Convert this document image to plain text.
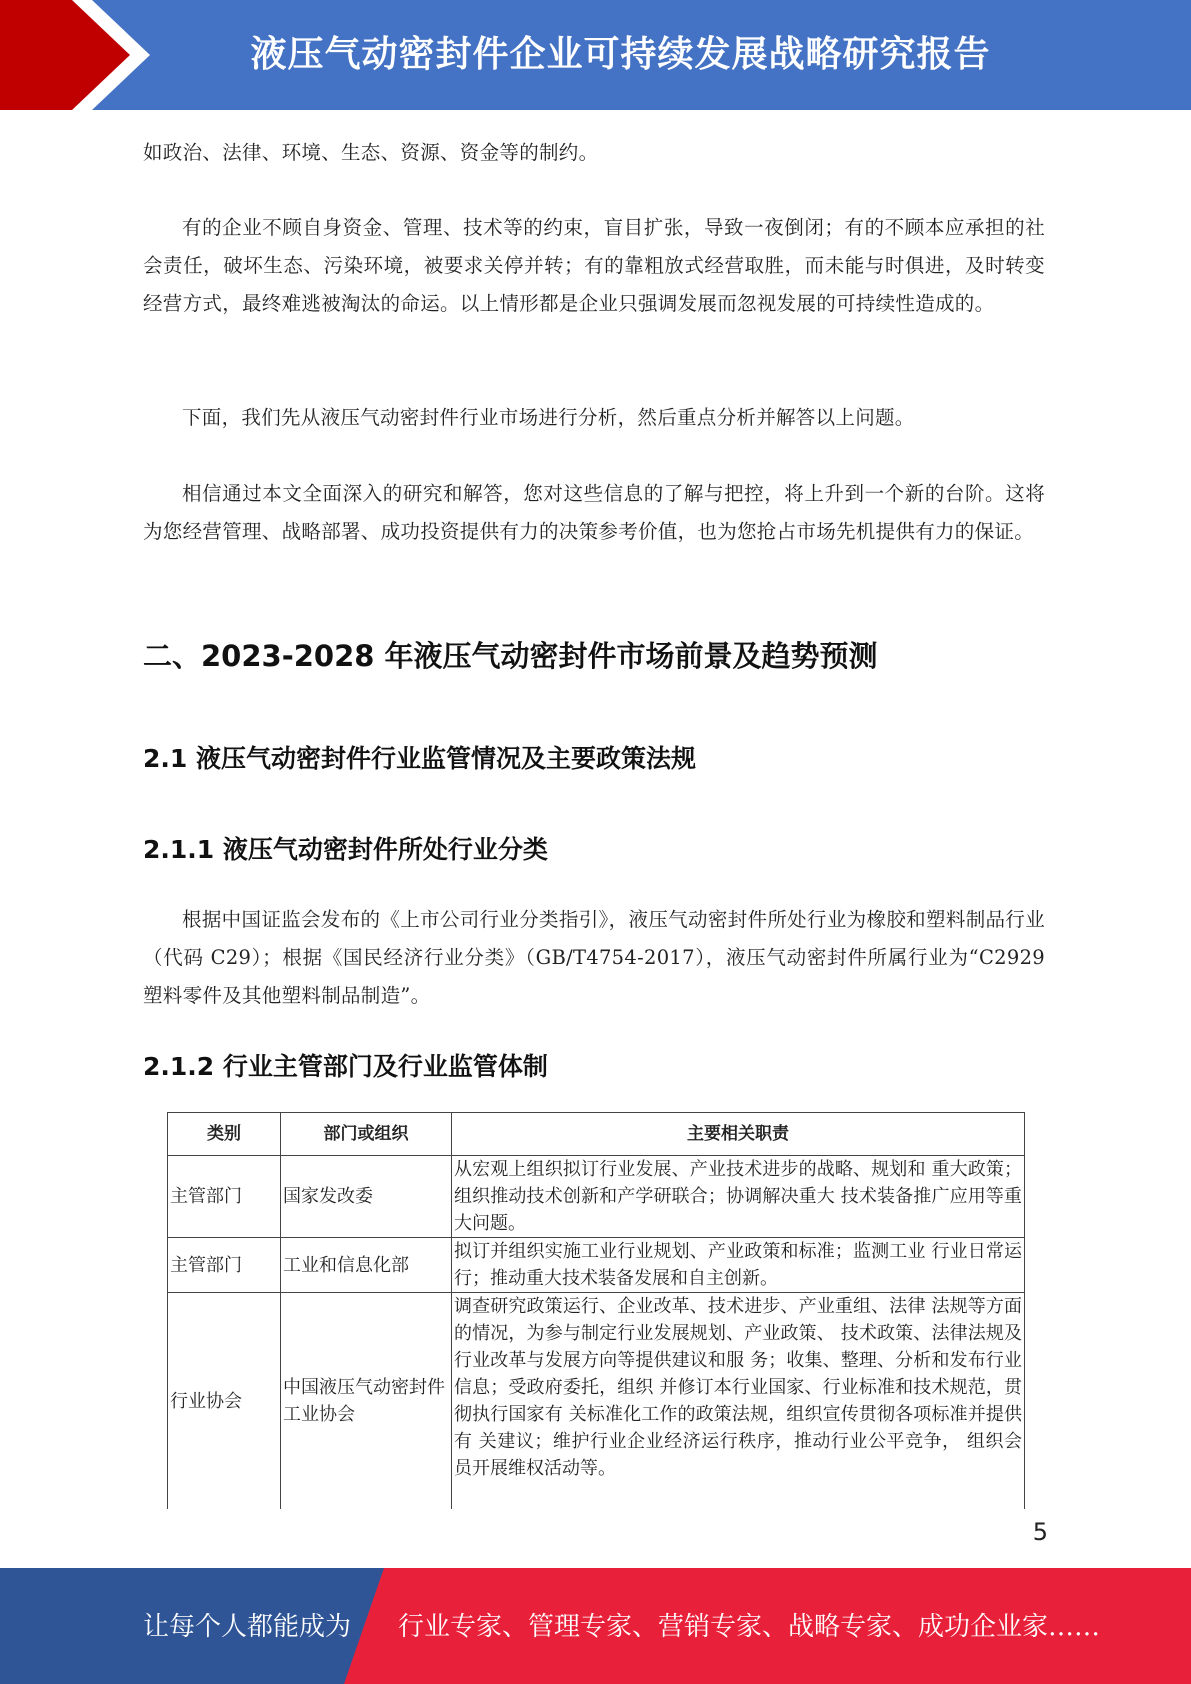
液压气动密封件企业可持续发展战略研究报告
如政治、法律、环境、生态、资源、资金等的制约。
有的企业不顾自身资金、管理、技术等的约束，盲目扩张，导致一夜倒闭；有的不顾本应承担的社会责任，破坏生态、污染环境，被要求关停并转；有的靠粗放式经营取胜，而未能与时俱进，及时转变经营方式，最终难逃被淘汰的命运。以上情形都是企业只强调发展而忽视发展的可持续性造成的。
下面，我们先从液压气动密封件行业市场进行分析，然后重点分析并解答以上问题。
相信通过本文全面深入的研究和解答，您对这些信息的了解与把控，将上升到一个新的台阶。这将为您经营管理、战略部署、成功投资提供有力的决策参考价值，也为您抢占市场先机提供有力的保证。
二、2023-2028 年液压气动密封件市场前景及趋势预测
2.1 液压气动密封件行业监管情况及主要政策法规
2.1.1 液压气动密封件所处行业分类
根据中国证监会发布的《上市公司行业分类指引》，液压气动密封件所处行业为橡胶和塑料制品行业（代码 C29）；根据《国民经济行业分类》（GB/T4754-2017），液压气动密封件所属行业为“C2929 塑料零件及其他塑料制品制造”。
2.1.2 行业主管部门及行业监管体制
类别	部门或组织	主要相关职责
主管部门	国家发改委	从宏观上组织拟订行业发展、产业技术进步的战略、规划和 重大政策；组织推动技术创新和产学研联合；协调解决重大 技术装备推广应用等重大问题。
主管部门	工业和信息化部	拟订并组织实施工业行业规划、产业政策和标准；监测工业 行业日常运行；推动重大技术装备发展和自主创新。
行业协会	中国液压气动密封件工业协会	调查研究政策运行、企业改革、技术进步、产业重组、法律 法规等方面的情况，为参与制定行业发展规划、产业政策、 技术政策、法律法规及行业改革与发展方向等提供建议和服 务；收集、整理、分析和发布行业信息；受政府委托，组织 并修订本行业国家、行业标准和技术规范，贯彻执行国家有 关标准化工作的政策法规，组织宣传贯彻各项标准并提供有 关建议；维护行业企业经济运行秩序，推动行业公平竞争， 组织会员开展维权活动等。
5
让每个人都能成为 行业专家、管理专家、营销专家、战略专家、成功企业家……
